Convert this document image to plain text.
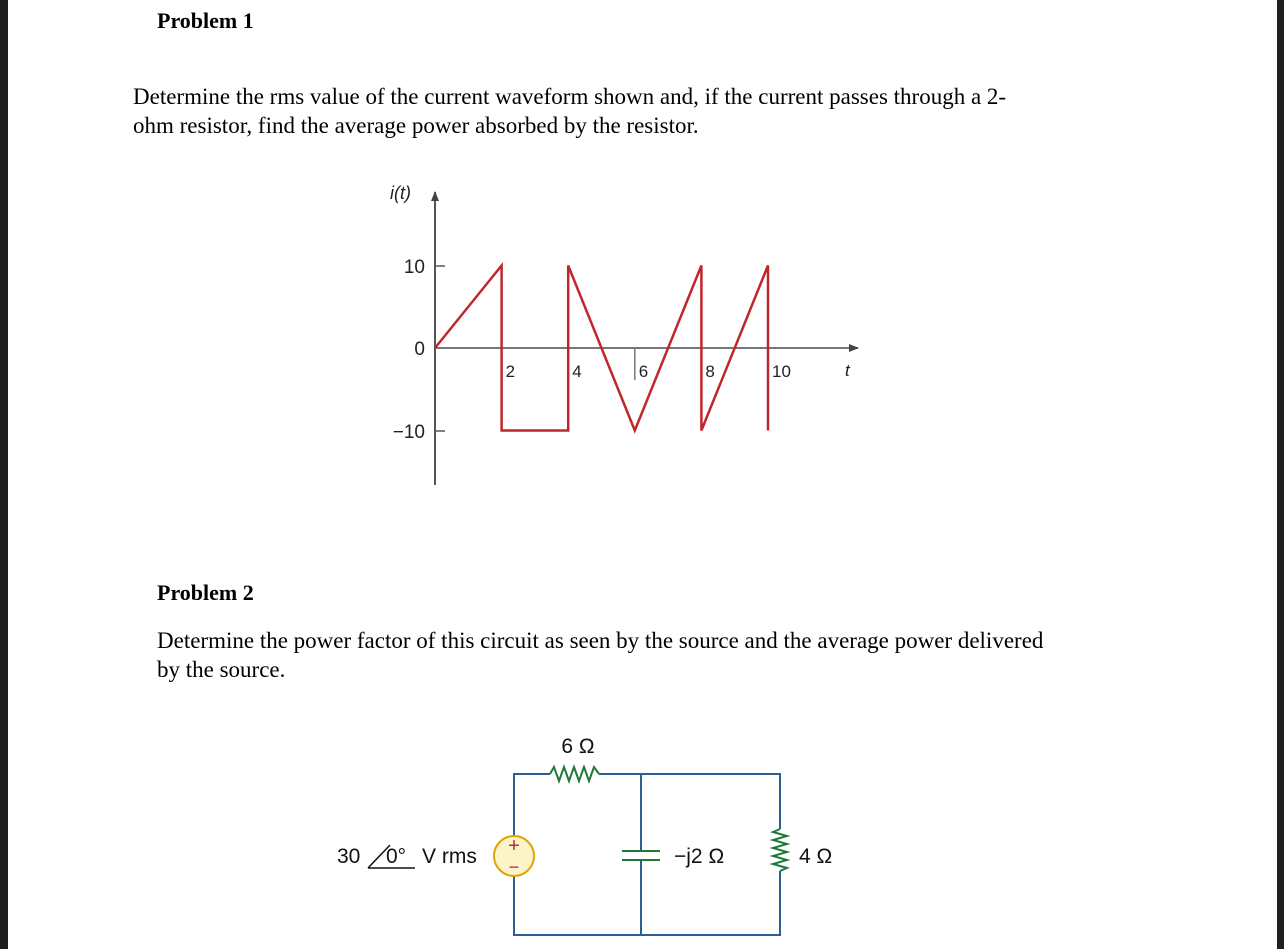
Problem 1

Determine the rms value of the current waveform shown and, if the current passes through a 2-

ohm resistor, find the average power absorbed by the resistor.

Problem 2

Determine the power factor of this circuit as seen by the source and the average power delivered

by the source.

i(t)
t
10
0
−10
2	4	6	8	10
+
−
6 Ω
−j2 Ω	4 Ω
30 0° V rms
